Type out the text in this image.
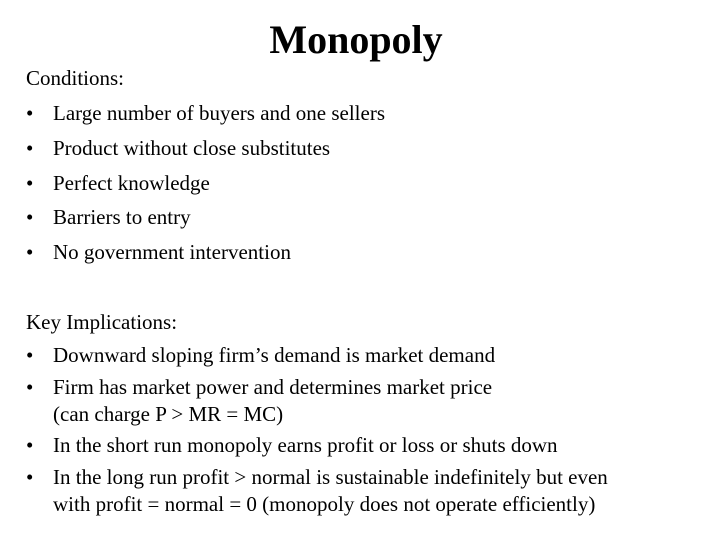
Monopoly

Conditions:

• Large number of buyers and one sellers
• Product without close substitutes
• Perfect knowledge
• Barriers to entry
• No government intervention

Key Implications:

• Downward sloping firm’s demand is market demand
• Firm has market power and determines market price
(can charge P > MR = MC)
• In the short run monopoly earns profit or loss or shuts down
• In the long run profit > normal is sustainable indefinitely but even
with profit = normal = 0 (monopoly does not operate efficiently)
